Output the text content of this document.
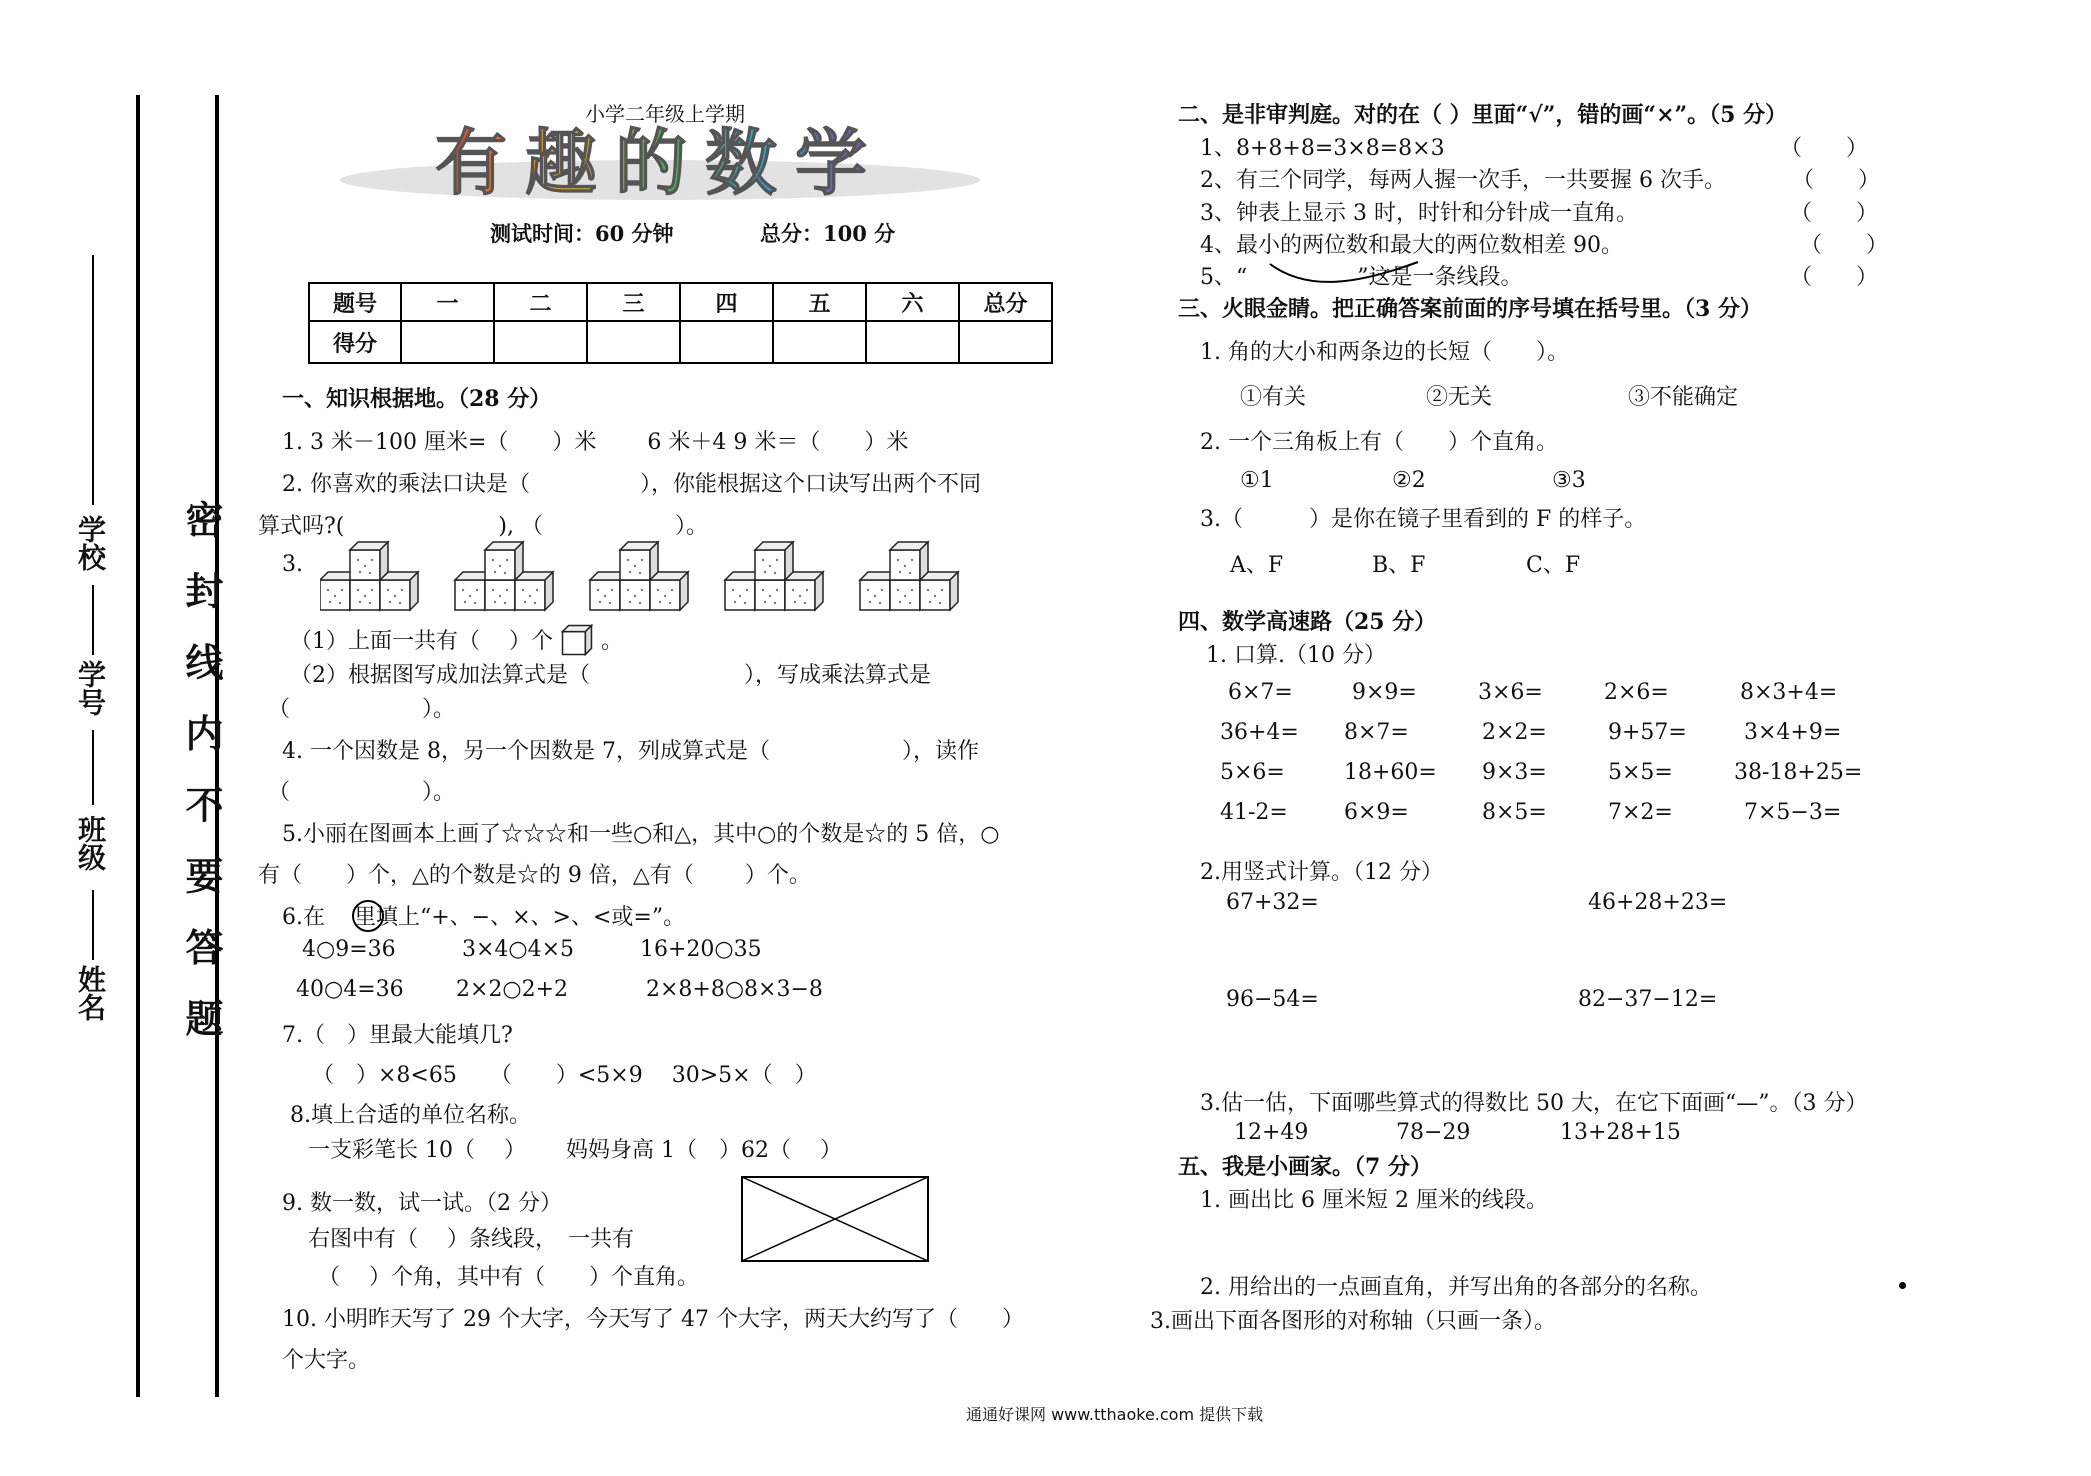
密 封 线 内 不 要 答 题
姓名
班级
学号
学校
小学二年级上学期
有趣的数学
测试时间：60 分钟	总分：100 分
题号	一	二	三	四	五	六	总分
得分							
一、知识根据地。（28 分）
1. 3 米－100 厘米=（　　）米　　 6 米＋4 9 米＝（　　）米
2. 你喜欢的乘法口诀是（　　　　　），你能根据这个口诀写出两个不同
算式吗?(　　　　　　　), （　　　　　　）。
3.
（1）上面一共有（　 ）个 。
（2）根据图写成加法算式是（　　　　　　　），写成乘法算式是
（　　　　　　）。
4. 一个因数是 8，另一个因数是 7，列成算式是（　　　　　　），读作
（　　　　　　）。
5.小丽在图画本上画了☆☆☆和一些○和△，其中○的个数是☆的 5 倍，○
有（　　）个，△的个数是☆的 9 倍，△有（　　 ）个。
6.在　 里填上“+、−、×、>、<或=”。
4○9=36	3×4○4×5	16+20○35
40○4=36 2×2○2+2	2×8+8○8×3−8
7.（　）里最大能填几?
（　）×8<65　　（　　）<5×9　 30>5×（　）
8.填上合适的单位名称。
一支彩笔长 10（　 ）　　 妈妈身高 1（　）62（　 ）
9. 数一数，试一试。（2 分）
右图中有（　 ）条线段，　一共有
（　 ）个角，其中有（　　）个直角。
10. 小明昨天写了 29 个大字，今天写了 47 个大字，两天大约写了（　　）
个大字。
二、是非审判庭。对的在（ ）里面“√”，错的画“×”。（5 分）
1、8+8+8=3×8=8×3	（　　）
2、有三个同学，每两人握一次手，一共要握 6 次手。	（　　）
3、钟表上显示 3 时，时针和分针成一直角。	（　　）
4、最小的两位数和最大的两位数相差 90。	（　　）
5、“　　　　　”这是一条线段。	（　　）
三、火眼金睛。把正确答案前面的序号填在括号里。（3 分）
1. 角的大小和两条边的长短（　　）。
①有关	②无关	③不能确定
2. 一个三角板上有（　　）个直角。
①1	②2	③3
3.（　　　）是你在镜子里看到的 F 的样子。
A、F	B、F	C、F
四、数学高速路（25 分）
1. 口算.（10 分）
6×7=	9×9=	3×6=	2×6=	8×3+4=
36+4= 8×7=	2×2=	9+57=	3×4+9=
5×6=	18+60= 9×3=	5×5=	38-18+25=
41-2=	6×9=	8×5=	7×2=	7×5−3=
2.用竖式计算。（12 分）
67+32=	46+28+23=
96−54=	82−37−12=
3.估一估，下面哪些算式的得数比 50 大，在它下面画“—”。（3 分）
12+49	78−29	13+28+15
五、我是小画家。（7 分）
1. 画出比 6 厘米短 2 厘米的线段。
2. 用给出的一点画直角，并写出角的各部分的名称。
3.画出下面各图形的对称轴（只画一条）。
通通好课网 www.tthaoke.com 提供下载
